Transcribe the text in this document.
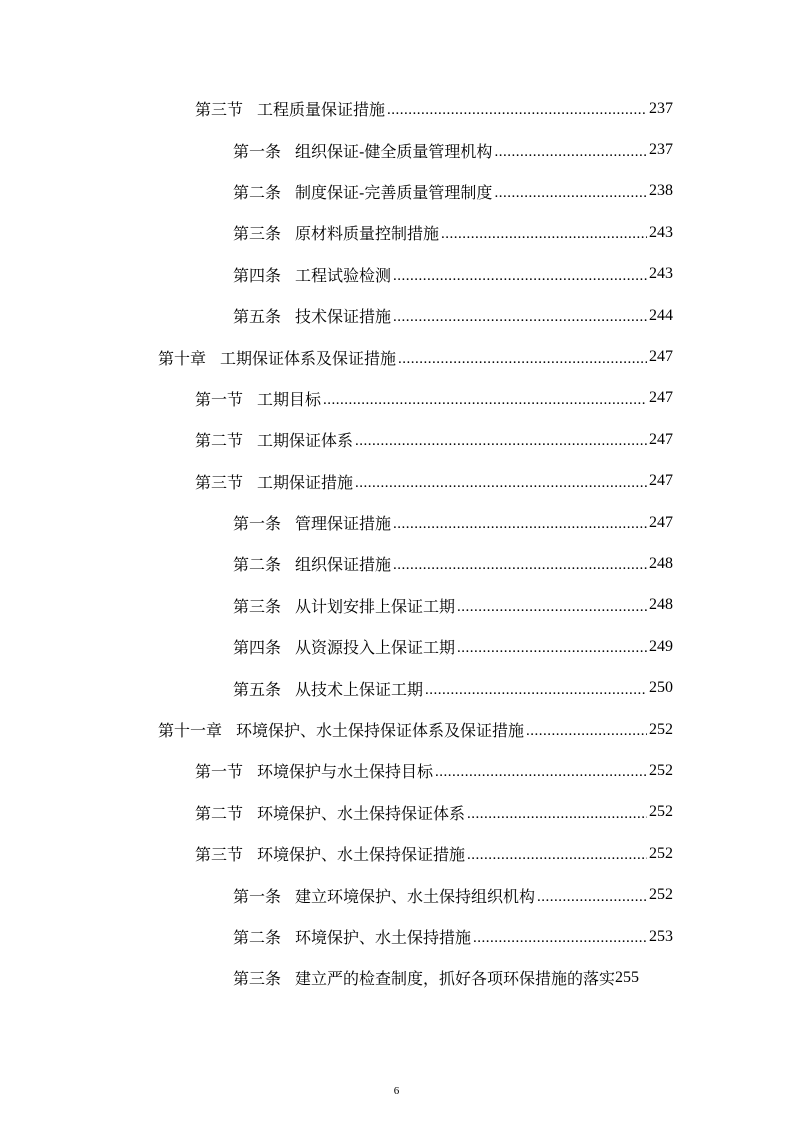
第三节 工程质量保证措施 .....	237
第一条 组织保证-健全质量管理机构 .....	237
第二条 制度保证-完善质量管理制度 .....	238
第三条 原材料质量控制措施 .....	243
第四条 工程试验检测 .....	243
第五条 技术保证措施 .....	244
第十章 工期保证体系及保证措施 .....	247
第一节 工期目标 .....	247
第二节 工期保证体系 .....	247
第三节 工期保证措施 .....	247
第一条 管理保证措施 .....	247
第二条 组织保证措施 .....	248
第三条 从计划安排上保证工期 .....	248
第四条 从资源投入上保证工期 .....	249
第五条 从技术上保证工期 .....	250
第十一章 环境保护、水土保持保证体系及保证措施 .....	252
第一节 环境保护与水土保持目标 .....	252
第二节 环境保护、水土保持保证体系 .....	252
第三节 环境保护、水土保持保证措施 .....	252
第一条 建立环境保护、水土保持组织机构 .....	252
第二条 环境保护、水土保持措施 .....	253
第三条 建立严的检查制度，抓好各项环保措施的落实 255
6
